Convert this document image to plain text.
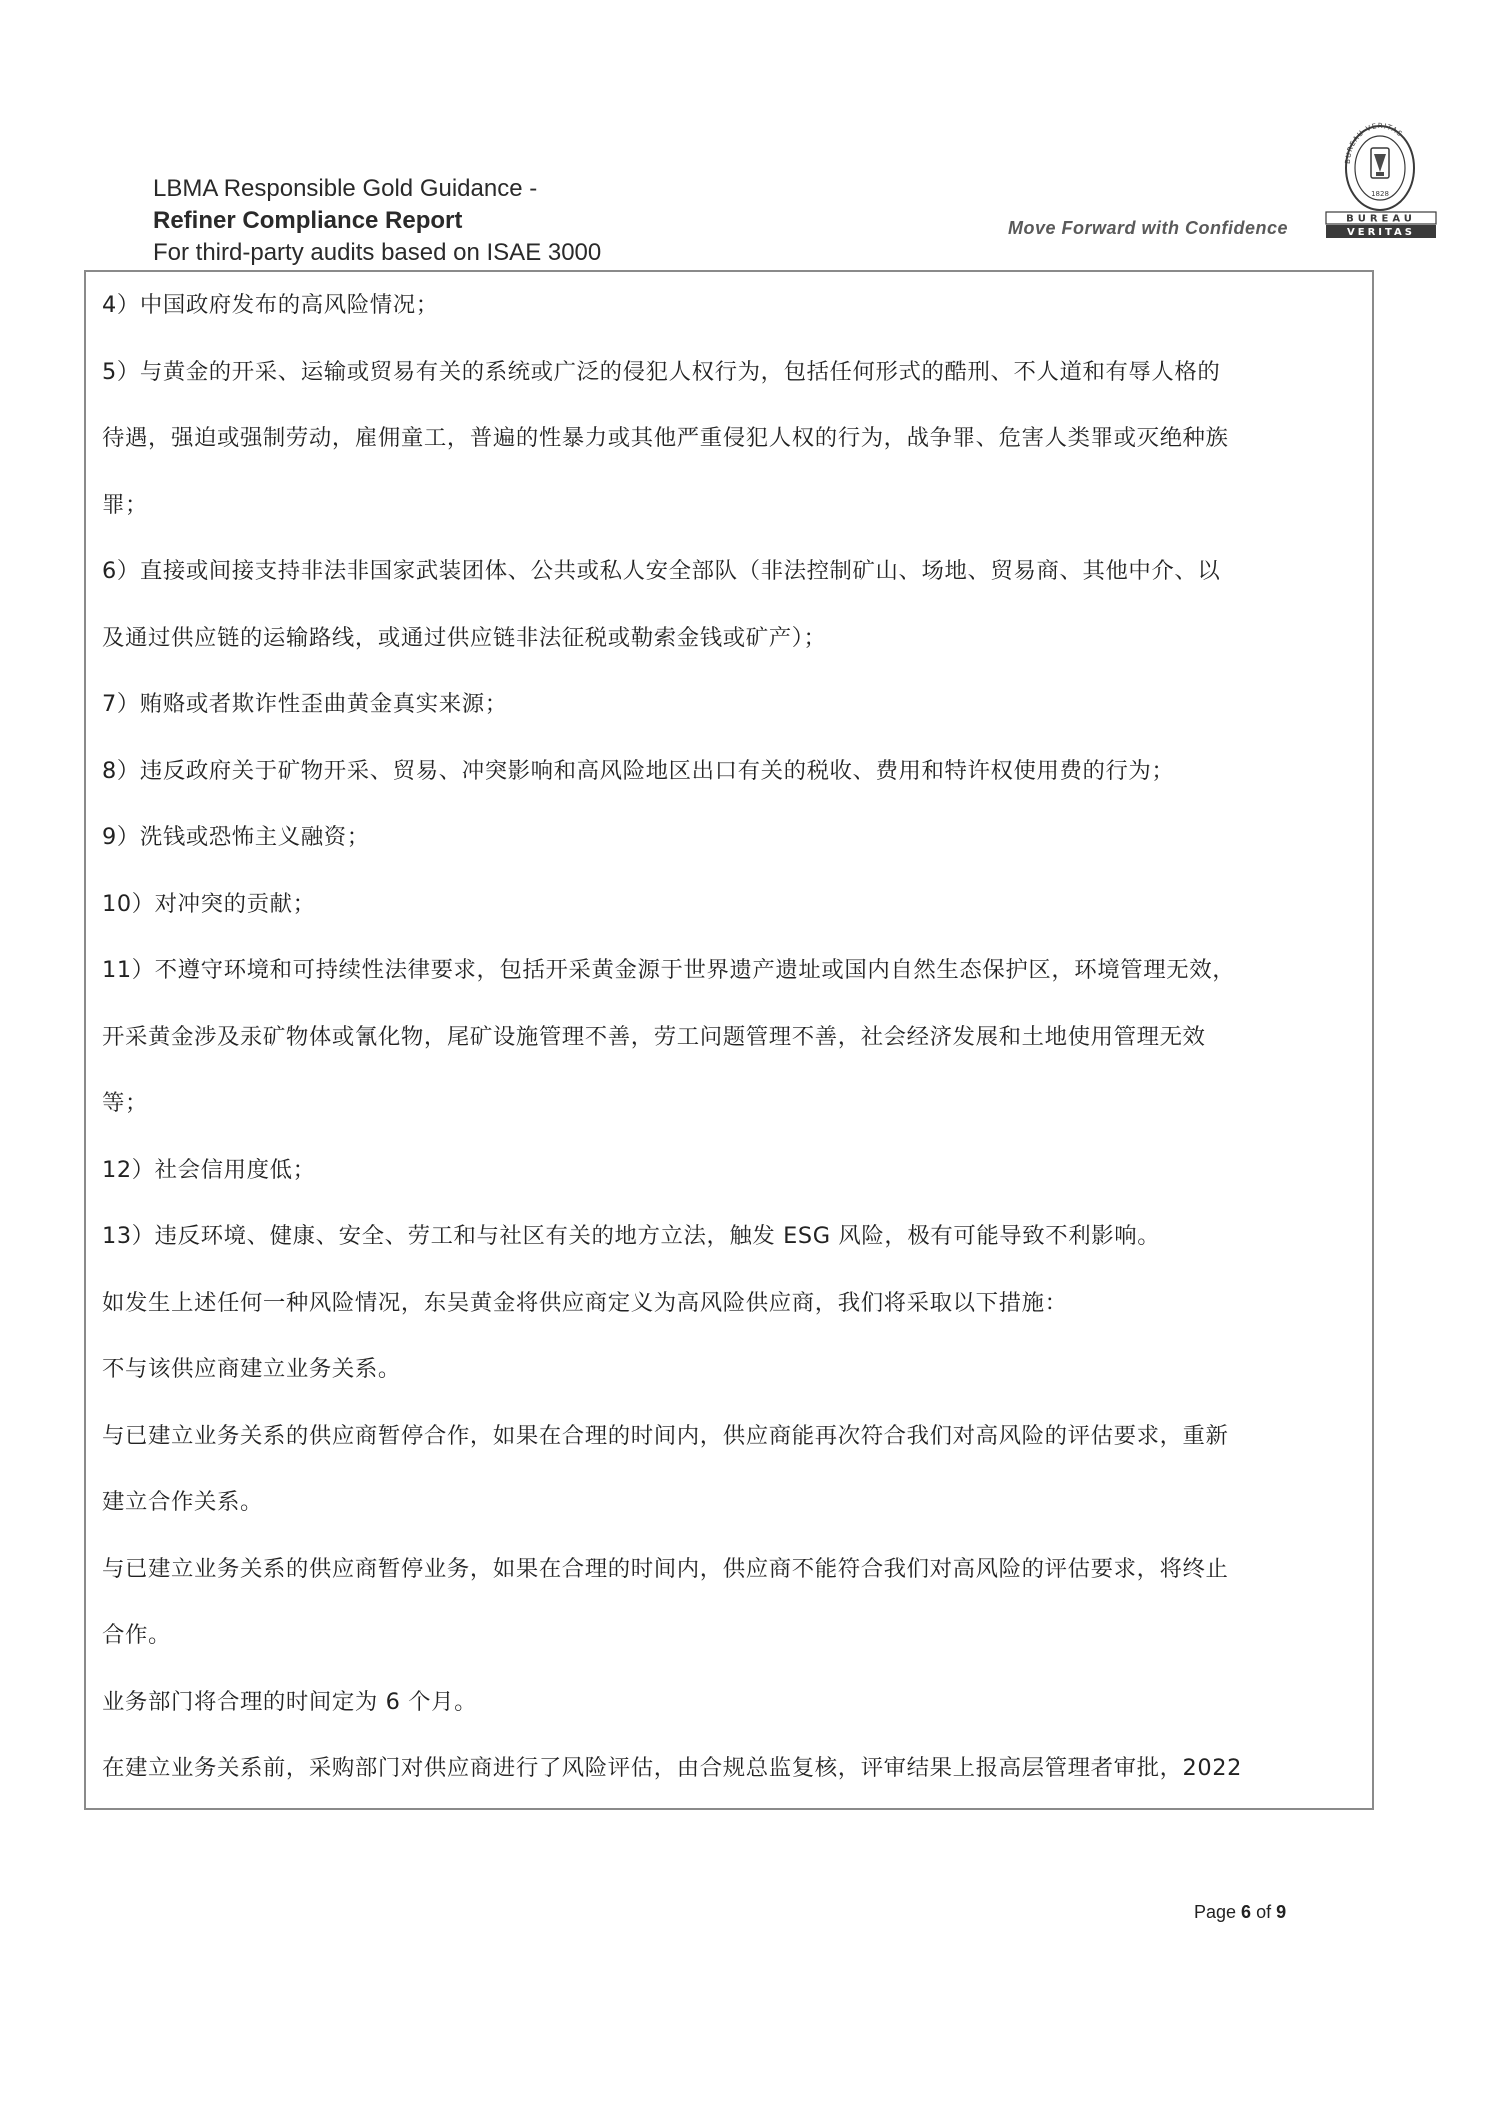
LBMA Responsible Gold Guidance -
Refiner Compliance Report
For third-party audits based on ISAE 3000
Move Forward with Confidence
BUREAU VERITAS
1828
BUREAU
VERITAS

4）中国政府发布的高风险情况；

5）与黄金的开采、运输或贸易有关的系统或广泛的侵犯人权行为，包括任何形式的酷刑、不人道和有辱人格的

待遇，强迫或强制劳动，雇佣童工，普遍的性暴力或其他严重侵犯人权的行为，战争罪、危害人类罪或灭绝种族

罪；

6）直接或间接支持非法非国家武装团体、公共或私人安全部队（非法控制矿山、场地、贸易商、其他中介、以

及通过供应链的运输路线，或通过供应链非法征税或勒索金钱或矿产）；

7）贿赂或者欺诈性歪曲黄金真实来源；

8）违反政府关于矿物开采、贸易、冲突影响和高风险地区出口有关的税收、费用和特许权使用费的行为；

9）洗钱或恐怖主义融资；

10）对冲突的贡献；

11）不遵守环境和可持续性法律要求，包括开采黄金源于世界遗产遗址或国内自然生态保护区，环境管理无效，

开采黄金涉及汞矿物体或氰化物，尾矿设施管理不善，劳工问题管理不善，社会经济发展和土地使用管理无效

等；

12）社会信用度低；

13）违反环境、健康、安全、劳工和与社区有关的地方立法，触发 ESG 风险，极有可能导致不利影响。

如发生上述任何一种风险情况，东吴黄金将供应商定义为高风险供应商，我们将采取以下措施：

不与该供应商建立业务关系。

与已建立业务关系的供应商暂停合作，如果在合理的时间内，供应商能再次符合我们对高风险的评估要求，重新

建立合作关系。

与已建立业务关系的供应商暂停业务，如果在合理的时间内，供应商不能符合我们对高风险的评估要求，将终止

合作。

业务部门将合理的时间定为 6 个月。

在建立业务关系前，采购部门对供应商进行了风险评估，由合规总监复核，评审结果上报高层管理者审批，2022

Page 6 of 9
